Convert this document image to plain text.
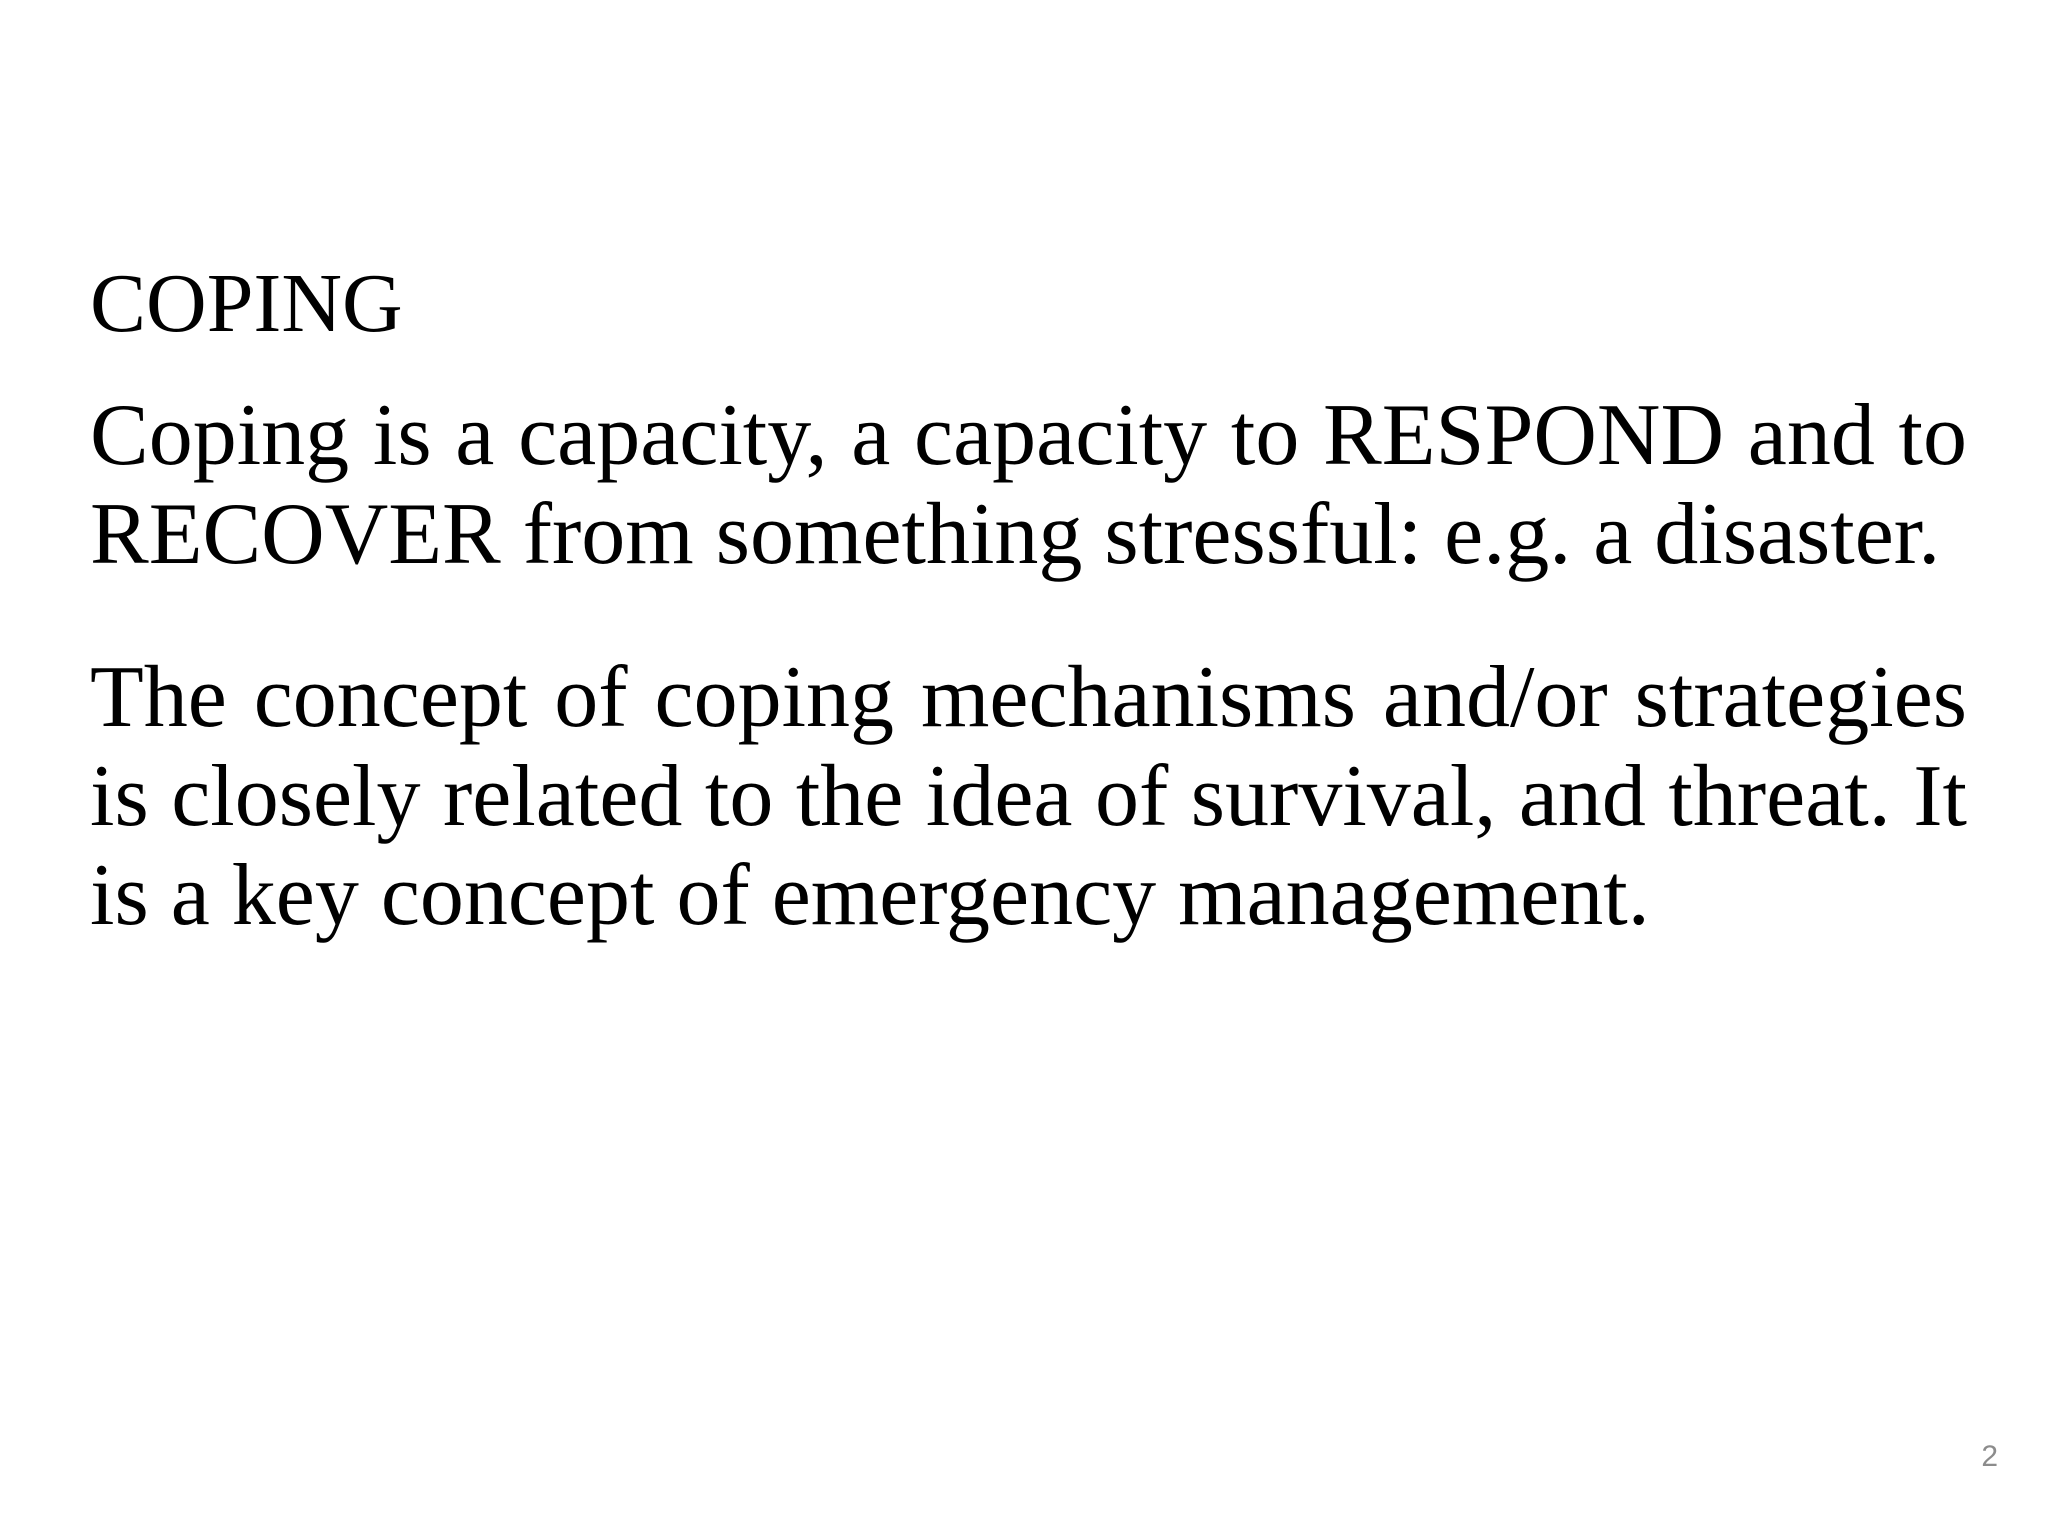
COPING

Coping is a capacity, a capacity to RESPOND and to RECOVER from something stressful: e.g. a disaster.

The concept of coping mechanisms and/or strategies is closely related to the idea of survival, and threat. It is a key concept of emergency management.

2
